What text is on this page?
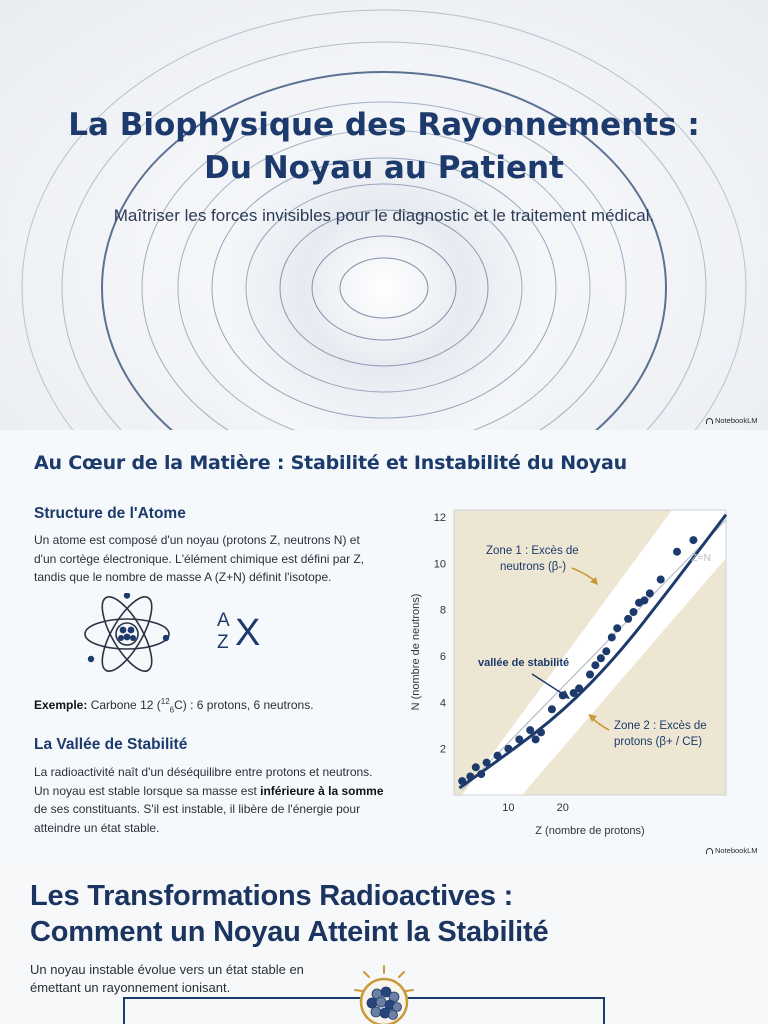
La Biophysique des Rayonnements :
Du Noyau au Patient

Maîtriser les forces invisibles pour le diagnostic et le traitement médical.

NotebookLM
Au Cœur de la Matière : Stabilité et Instabilité du Noyau
Structure de l'Atome

Un atome est composé d'un noyau (protons Z, neutrons N) et d'un cortège électronique. L'élément chimique est défini par Z, tandis que le nombre de masse A (Z+N) définit l'isotope.

A
Z X

Exemple: Carbone 12 ($^{12}_6$C) : 6 protons, 6 neutrons.

La Vallée de Stabilité

La radioactivité naît d'un déséquilibre entre protons et neutrons. Un noyau est stable lorsque sa masse est inférieure à la somme de ses constituants. S'il est instable, il libère de l'énergie pour atteindre un état stable.

2
4
6
8
10
12
10	20
Zone 1 : Excès de
neutrons (β-)
vallée de stabilité
Zone 2 : Excès de
protons (β+ / CE)
Z=N
Z (nombre de protons)
N (nombre de neutrons)
NotebookLM
Les Transformations Radioactives :
Comment un Noyau Atteint la Stabilité

Un noyau instable évolue vers un état stable en émettant un rayonnement ionisant.
